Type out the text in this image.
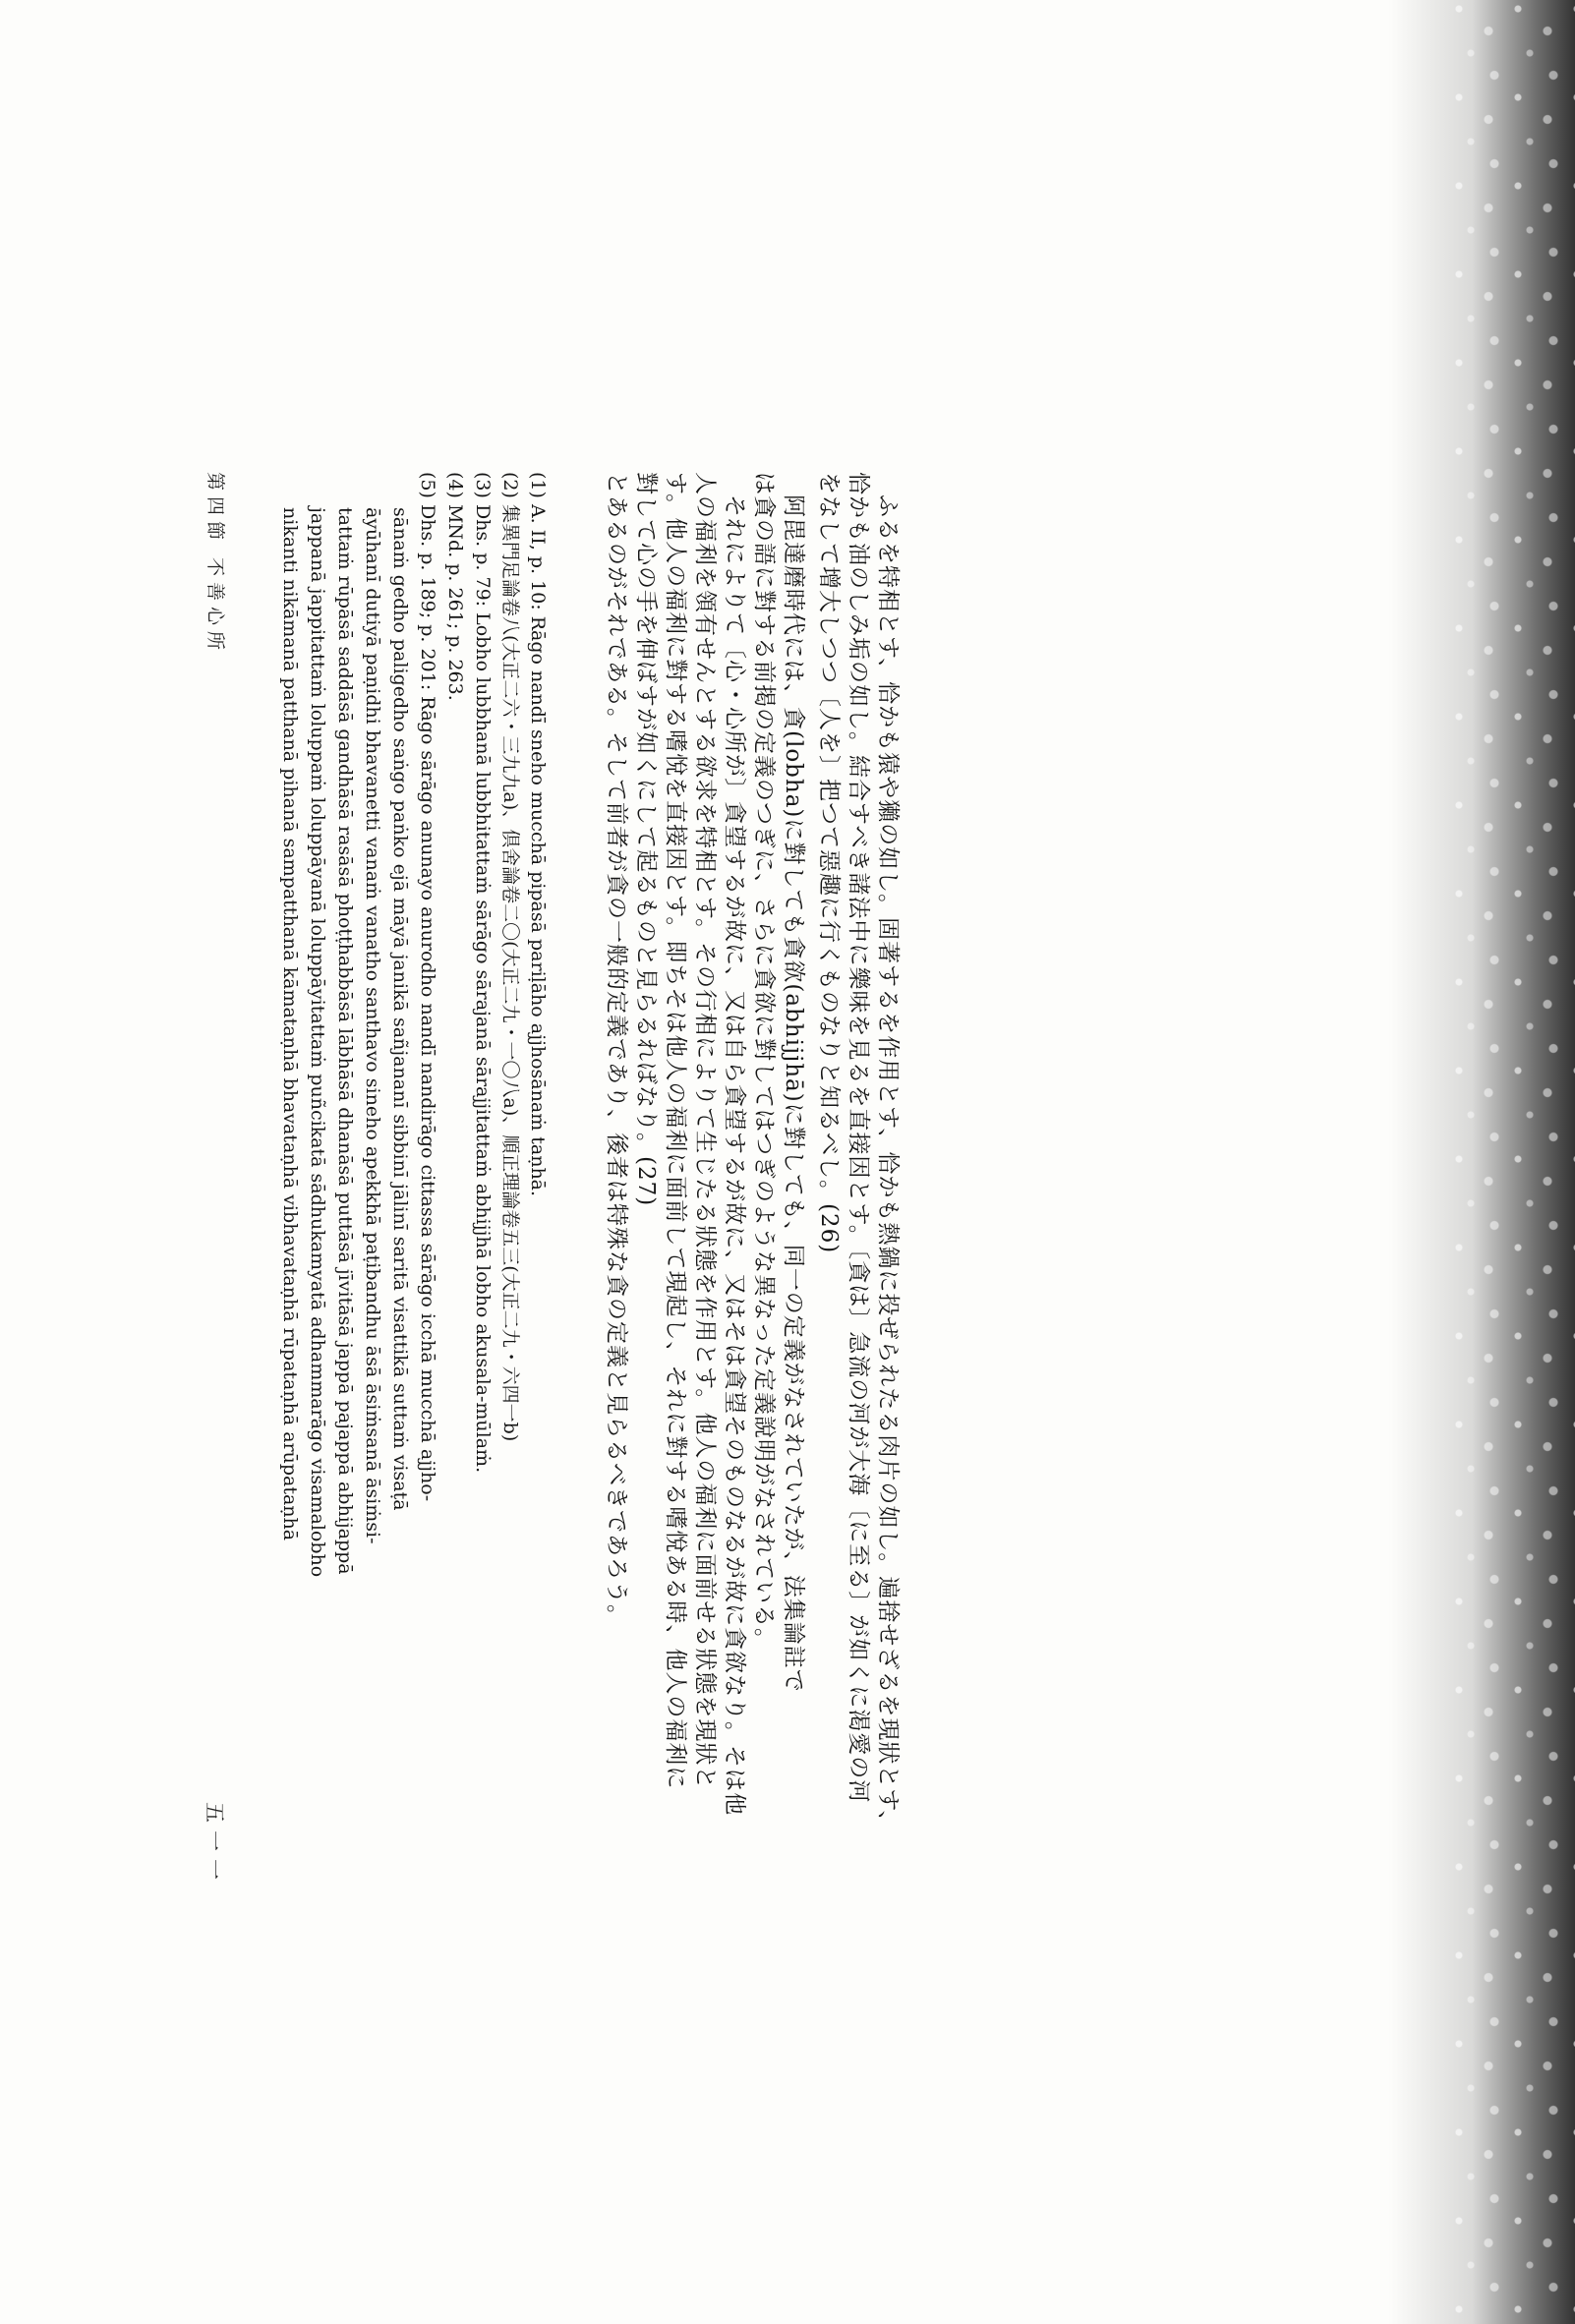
ふるを特相とす、恰かも猿や獺の如し。固著するを作用とす、恰かも熱鍋に投ぜられたる肉片の如し。遍捨せざるを現狀とす、
恰かも油のしみ垢の如し。結合すべき諸法中に樂味を見るを直接因とす。〔貪は〕急流の河が大海〔に至る〕が如くに渇愛の河
をなして增大しつつ〔人を〕把つて惡趣に行くものなりと知るべし。(26)
阿毘達磨時代には、貪(lobha)に對しても貪欲(abhijjhā)に對しても、同一の定義がなされていたが、法集論註で
は貪の語に對する前掲の定義のつぎに、さらに貪欲に對してはつぎのような異なった定義說明がなされている。
それによりて〔心・心所が〕貪望するが故に、又は自ら貪望するが故に、又はそは貪望そのものなるが故に貪欲なり。そは他
人の福利を領有せんとする欲求を特相とす。その行相によりて生じたる狀態を作用とす。他人の福利に面前せる狀態を現狀と
す。他人の福利に對する嗜悅を直接因とす。即ちそは他人の福利に面前して現起し、それに對する嗜悅ある時、他人の福利に
對して心の手を伸ばすが如くにして起るものと見らるればなり。(27)
とあるのがそれである。そして前者が貪の一般的定義であり、後者は特殊な貪の定義と見らるべきであろう。
(1) A. II, p. 10: Rāgo nandī sneho mucchā pipāsā pariḷāho ajjhosānaṁ taṇhā.
(2) 集異門足論卷八(大正二六・三九九a)、倶舍論卷二〇(大正二九・一〇八a)、順正理論卷五三(大正二九・六四一b)
(3) Dhs. p. 79: Lobho lubbhanā lubbhitattaṁ sārāgo sārajanā sārajjitattaṁ abhijjhā lobho akusala-mūlaṁ.
(4) MNd. p. 261; p. 263.
(5) Dhs. p. 189; p. 201: Rāgo sārāgo anunayo anurodho nandī nandirāgo cittassa sārāgo icchā mucchā ajjho-
sānaṁ gedho paligedho saṅgo paṅko ejā māyā janikā sañjananī sibbinī jālinī saritā visattikā suttaṁ visaṭā
āyūhanī dutiyā paṇidhi bhavanetti vanaṁ vanatho santhavo sineho apekkhā paṭibandhu āsā āsiṁsanā āsiṁsi-
tattaṁ rūpāsā saddāsā gandhāsā rasāsā phoṭṭhabbāsā lābhāsā dhanāsā puttāsā jīvitāsā jappā pajappā abhijappā
jappanā jappitattaṁ loluppaṁ loluppāyanā loluppāyitattaṁ puñcikatā sādhukamyatā adhammarāgo visamalobho
nikanti nikāmanā patthanā pihanā sampatthanā kāmataṇhā bhavataṇhā vibhavataṇhā rūpataṇhā arūpataṇhā
第四節 不善心所
五一一
